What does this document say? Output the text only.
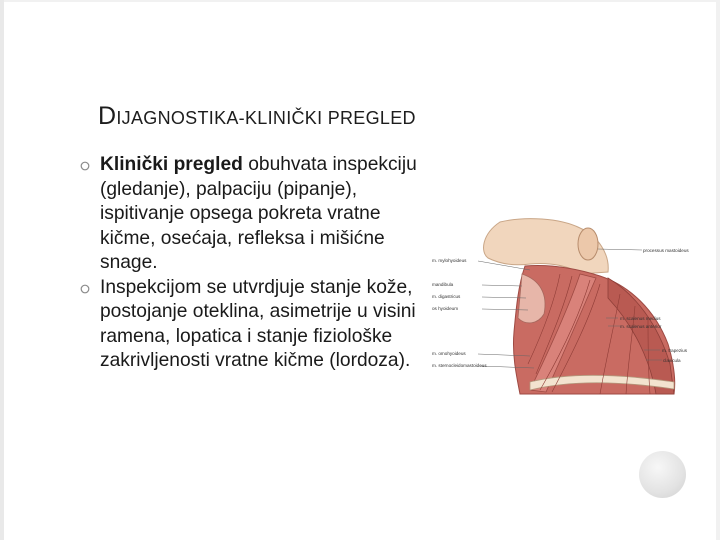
DIJAGNOSTIKA-KLINIČKI PREGLED
Klinički pregled obuhvata inspekciju (gledanje), palpaciju (pipanje), ispitivanje opsega pokreta vratne kičme, osećaja, refleksa i mišićne snage.
Inspekcijom se utvrdjuje stanje kože, postojanje oteklina, asimetrije u visini ramena, lopatica i stanje fiziološke zakrivljenosti vratne kičme (lordoza).
m. mylohyoideus
mandibula
m. digastricus
os hyoideum
m. omohyoideus
m. sternocleidomastoideus
processus mastoideus
m. scalenus medius
m. scalenus anterior
m. trapezius
clavicula
